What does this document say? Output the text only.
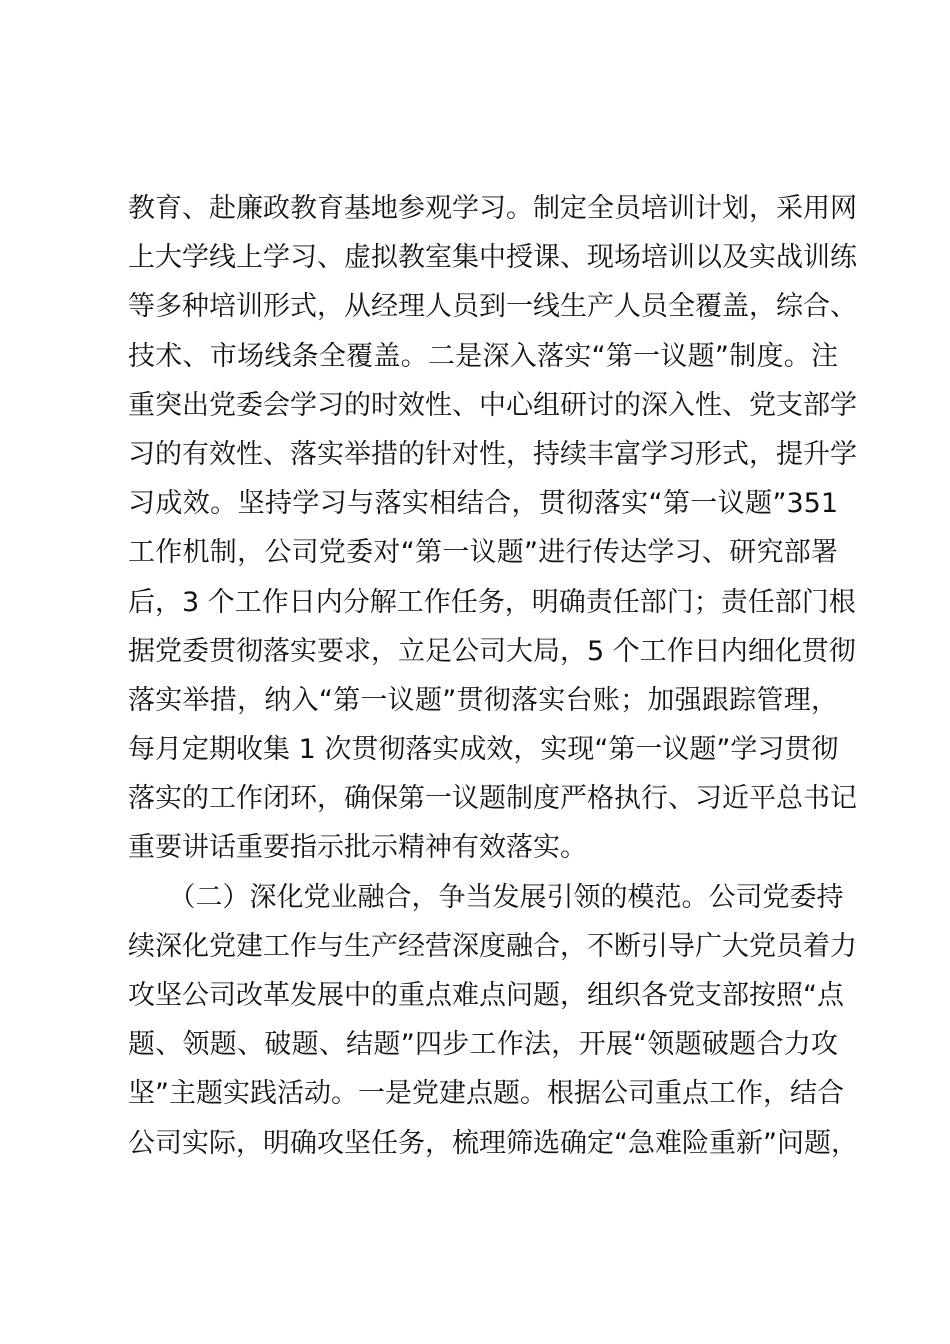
教育、赴廉政教育基地参观学习。制定全员培训计划，采用网
上大学线上学习、虚拟教室集中授课、现场培训以及实战训练
等多种培训形式，从经理人员到一线生产人员全覆盖，综合、
技术、市场线条全覆盖。二是深入落实“第一议题”制度。注
重突出党委会学习的时效性、中心组研讨的深入性、党支部学
习的有效性、落实举措的针对性，持续丰富学习形式，提升学
习成效。坚持学习与落实相结合，贯彻落实“第一议题”351
工作机制，公司党委对“第一议题”进行传达学习、研究部署
后，3 个工作日内分解工作任务，明确责任部门；责任部门根
据党委贯彻落实要求，立足公司大局，5 个工作日内细化贯彻
落实举措，纳入“第一议题”贯彻落实台账；加强跟踪管理，
每月定期收集 1 次贯彻落实成效，实现“第一议题”学习贯彻
落实的工作闭环，确保第一议题制度严格执行、习近平总书记
重要讲话重要指示批示精神有效落实。
　　（二）深化党业融合，争当发展引领的模范。公司党委持
续深化党建工作与生产经营深度融合，不断引导广大党员着力
攻坚公司改革发展中的重点难点问题，组织各党支部按照“点
题、领题、破题、结题”四步工作法，开展“领题破题合力攻
坚”主题实践活动。一是党建点题。根据公司重点工作，结合
公司实际，明确攻坚任务，梳理筛选确定“急难险重新”问题，
